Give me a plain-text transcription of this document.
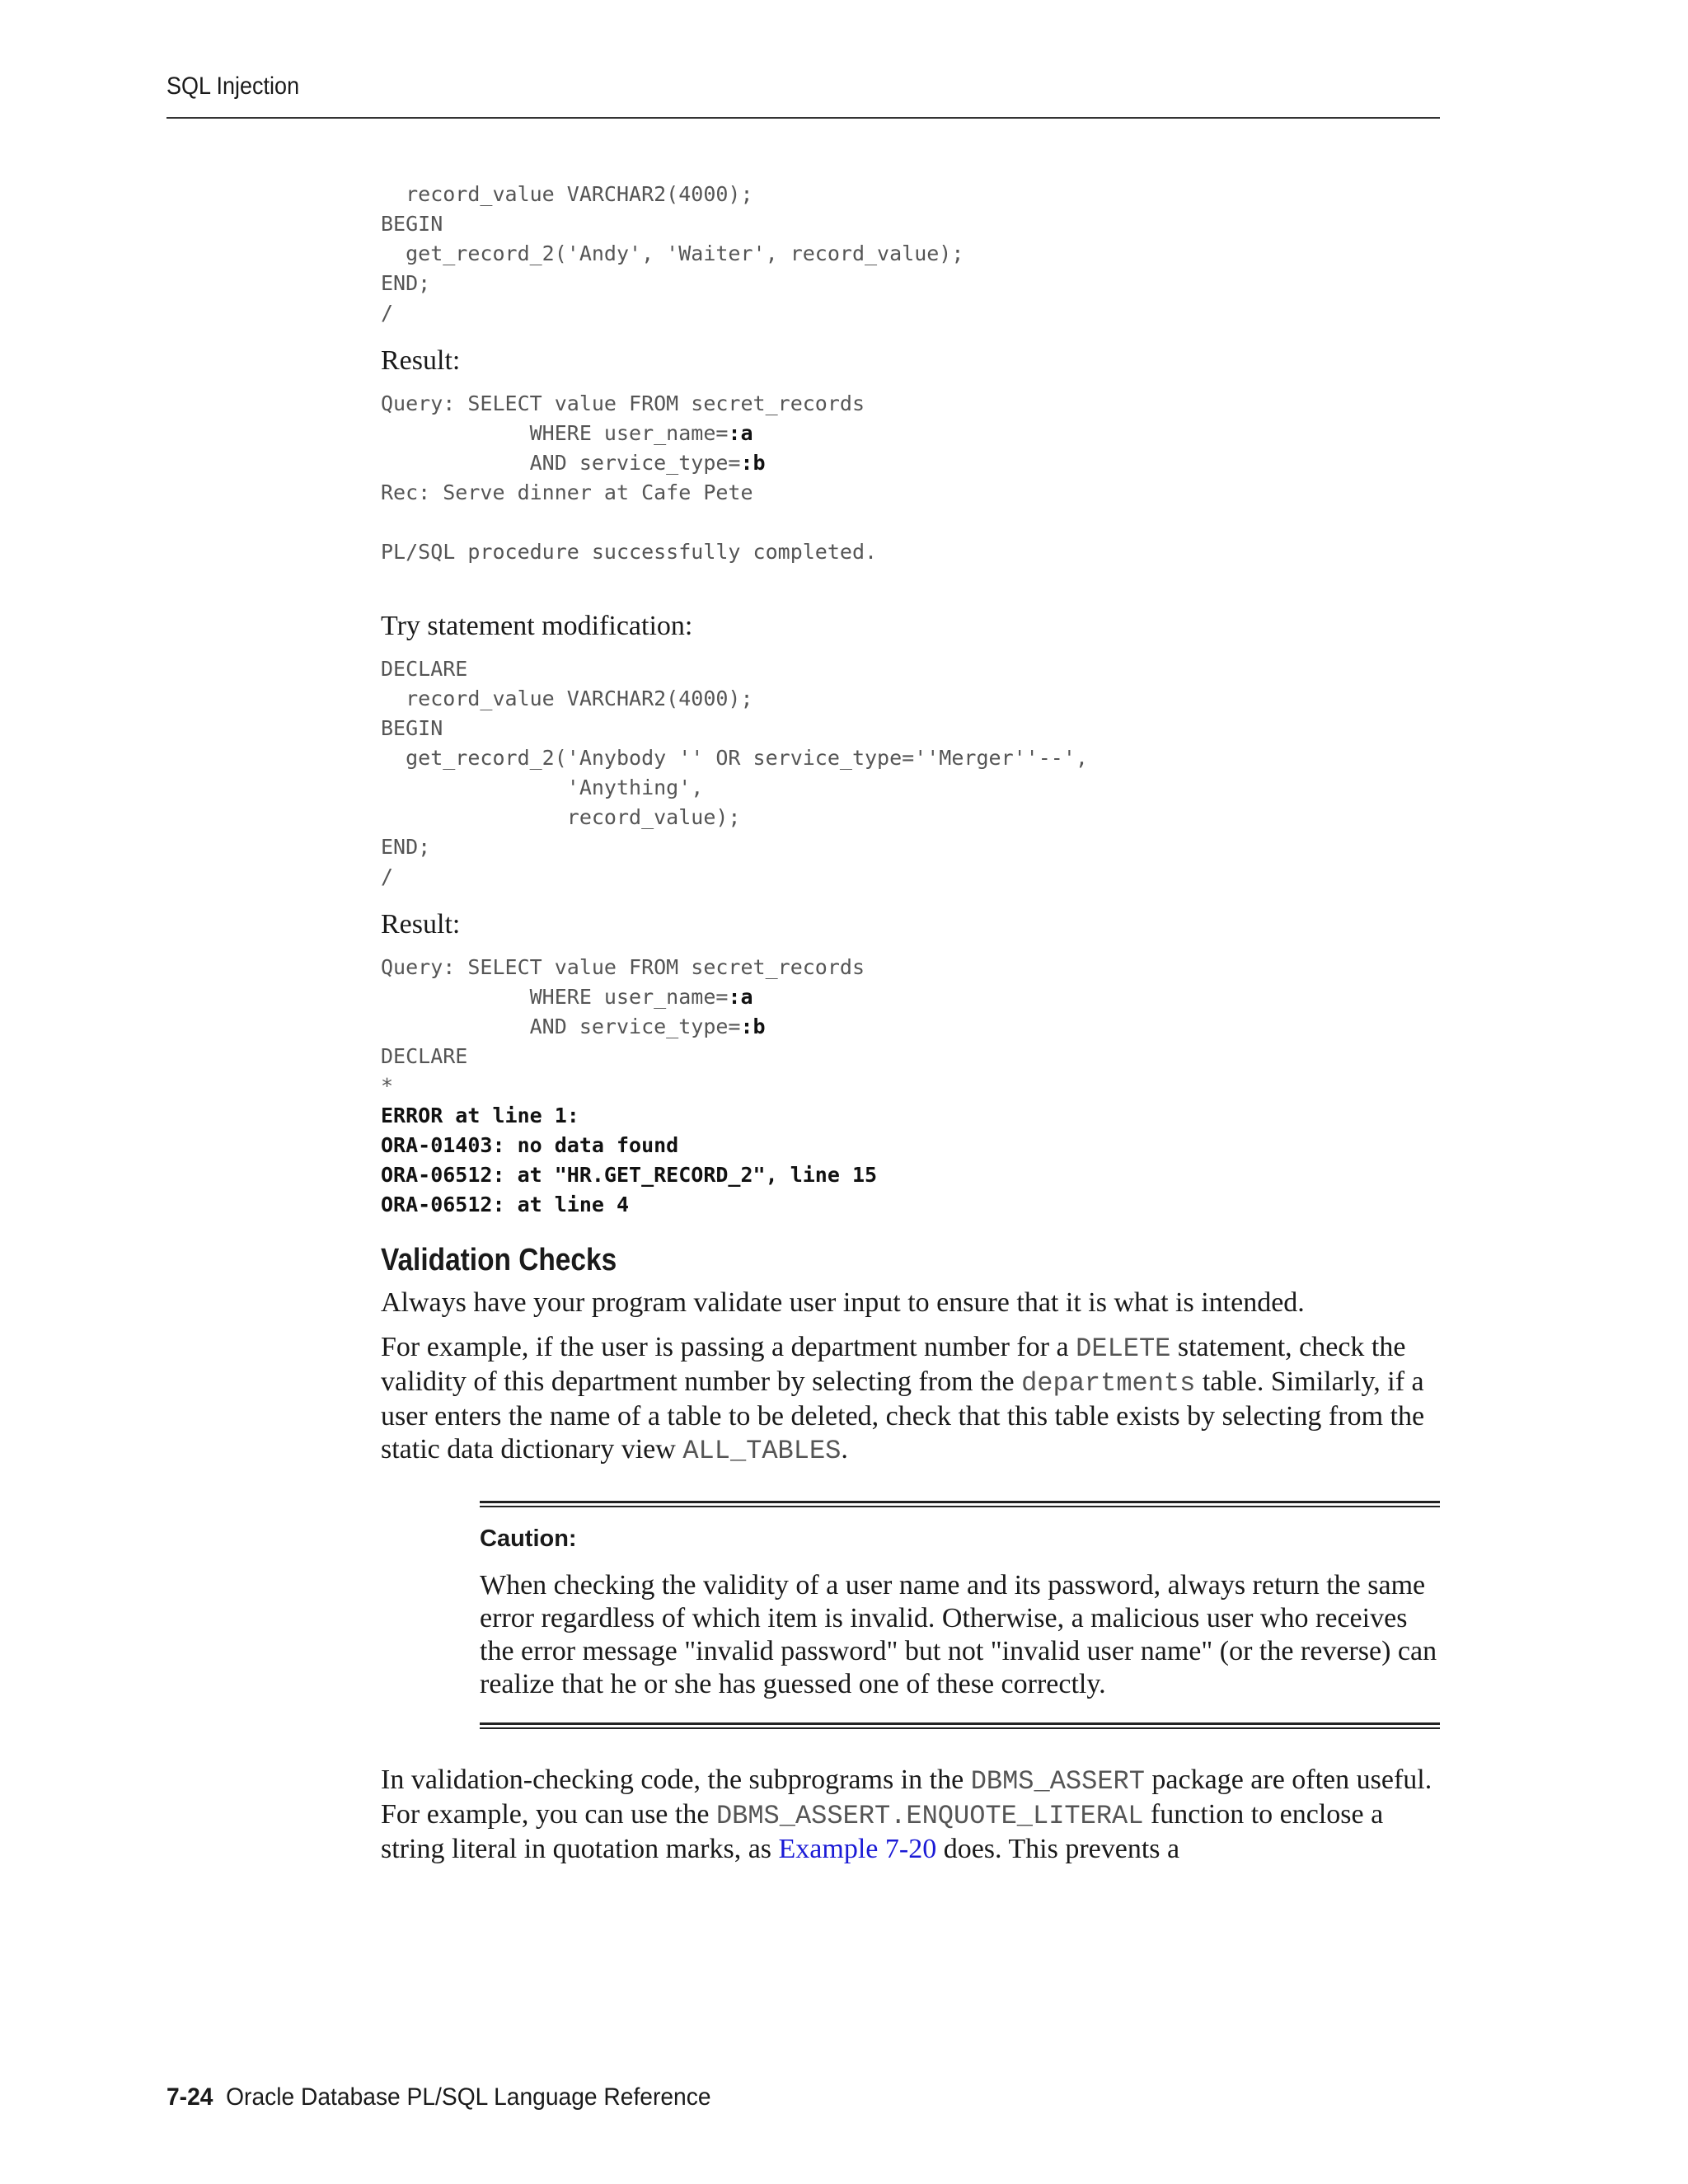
SQL Injection
record_value VARCHAR2(4000);
BEGIN
get_record_2('Andy', 'Waiter', record_value);
END;
/

Result:

Query: SELECT value FROM secret_records
WHERE user_name=:a
AND service_type=:b
Rec: Serve dinner at Cafe Pete

PL/SQL procedure successfully completed.

Try statement modification:

DECLARE
record_value VARCHAR2(4000);
BEGIN
get_record_2('Anybody '' OR service_type=''Merger''--',
'Anything',
record_value);
END;
/

Result:

Query: SELECT value FROM secret_records
WHERE user_name=:a
AND service_type=:b
DECLARE
*
ERROR at line 1:
ORA-01403: no data found
ORA-06512: at "HR.GET_RECORD_2", line 15
ORA-06512: at line 4
Validation Checks

Always have your program validate user input to ensure that it is what is intended.

For example, if the user is passing a department number for a DELETE statement, check the validity of this department number by selecting from the departments table. Similarly, if a user enters the name of a table to be deleted, check that this table exists by selecting from the static data dictionary view ALL_TABLES.

Caution:

When checking the validity of a user name and its password, always return the same error regardless of which item is invalid. Otherwise, a malicious user who receives the error message "invalid password" but not "invalid user name" (or the reverse) can realize that he or she has guessed one of these correctly.

In validation-checking code, the subprograms in the DBMS_ASSERT package are often useful. For example, you can use the DBMS_ASSERT.ENQUOTE_LITERAL function to enclose a string literal in quotation marks, as Example 7-20 does. This prevents a

7-24 Oracle Database PL/SQL Language Reference
